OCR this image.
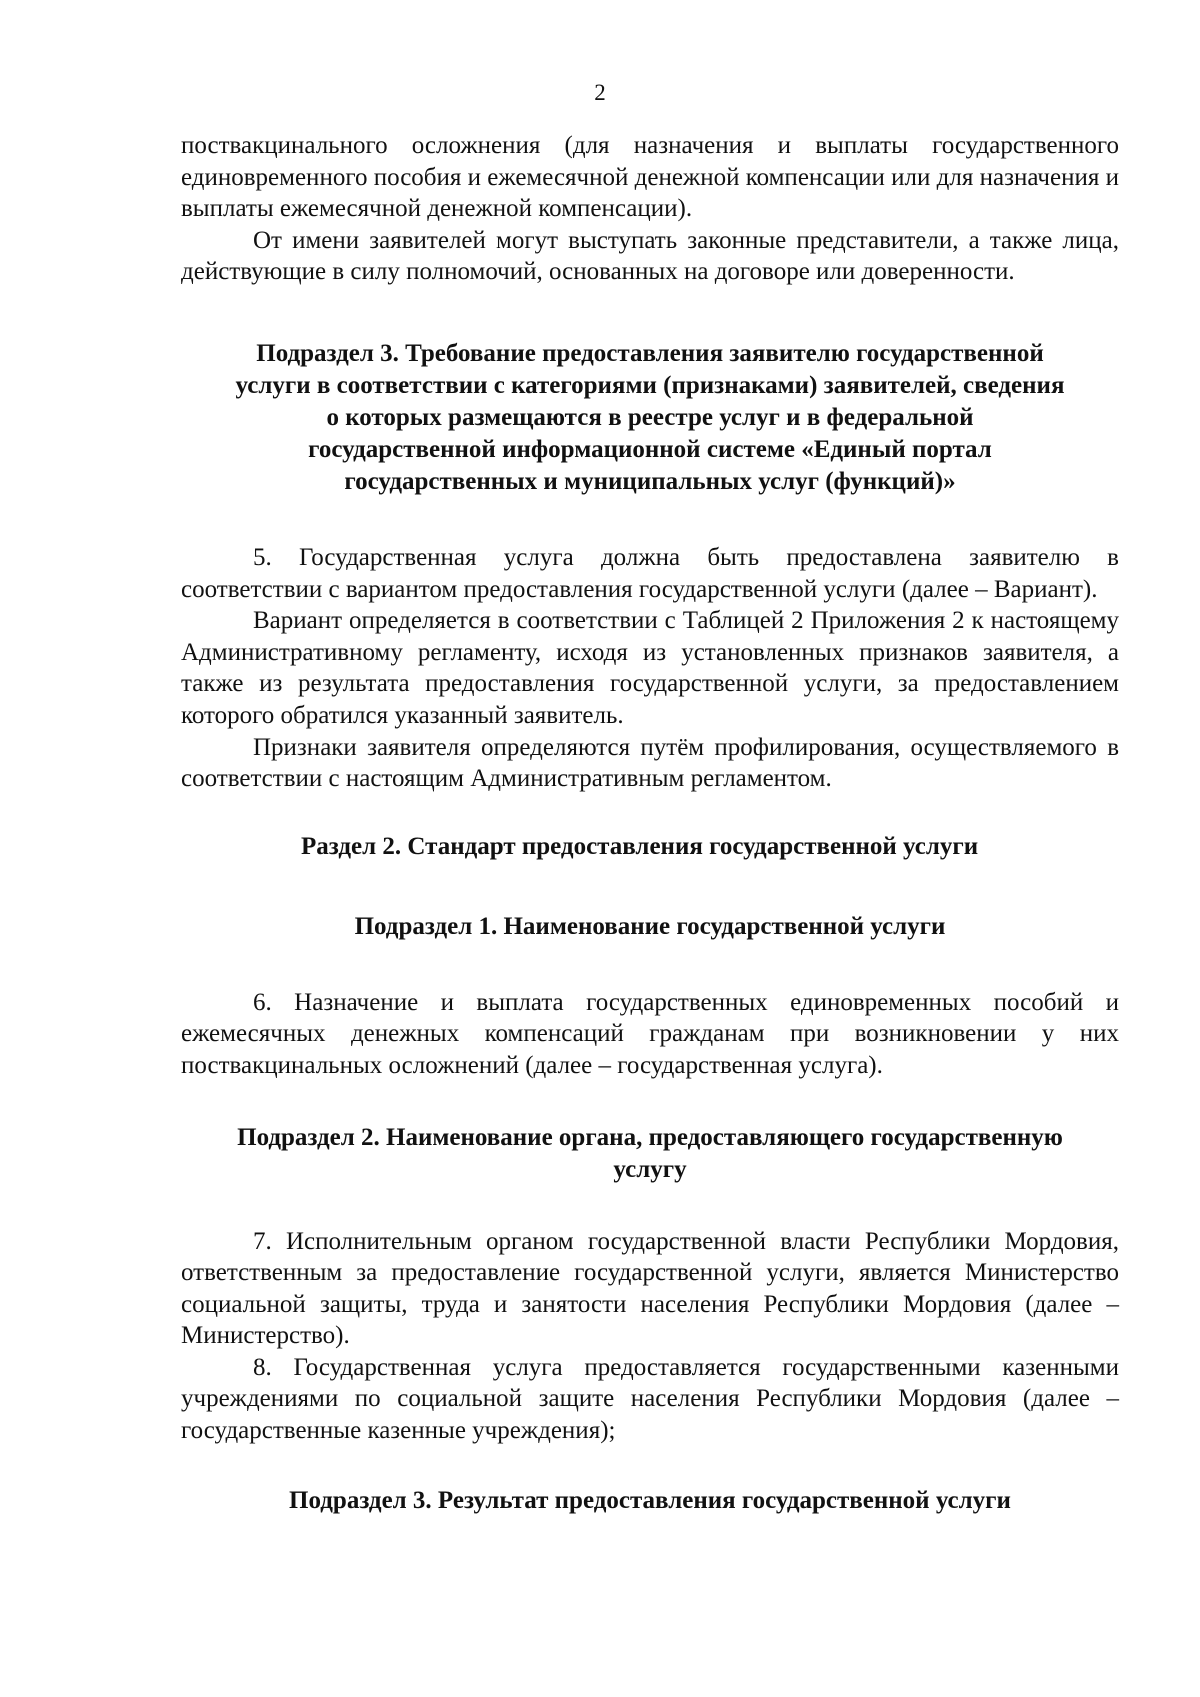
2

поствакцинального осложнения (для назначения и выплаты государственного единовременного пособия и ежемесячной денежной компенсации или для назначения и выплаты ежемесячной денежной компенсации).

От имени заявителей могут выступать законные представители, а также лица, действующие в силу полномочий, основанных на договоре или доверенности.

Подраздел 3. Требование предоставления заявителю государственной
услуги в соответствии с категориями (признаками) заявителей, сведения
о которых размещаются в реестре услуг и в федеральной
государственной информационной системе «Единый портал
государственных и муниципальных услуг (функций)»

5. Государственная услуга должна быть предоставлена заявителю в соответствии с вариантом предоставления государственной услуги (далее – Вариант).

Вариант определяется в соответствии с Таблицей 2 Приложения 2 к настоящему Административному регламенту, исходя из установленных признаков заявителя, а также из результата предоставления государственной услуги, за предоставлением которого обратился указанный заявитель.

Признаки заявителя определяются путём профилирования, осуществляемого в соответствии с настоящим Административным регламентом.

Раздел 2. Стандарт предоставления государственной услуги
Подраздел 1. Наименование государственной услуги

6. Назначение и выплата государственных единовременных пособий и ежемесячных денежных компенсаций гражданам при возникновении у них поствакцинальных осложнений (далее – государственная услуга).

Подраздел 2. Наименование органа, предоставляющего государственную
услугу

7. Исполнительным органом государственной власти Республики Мордовия, ответственным за предоставление государственной услуги, является Министерство социальной защиты, труда и занятости населения Республики Мордовия (далее – Министерство).

8. Государственная услуга предоставляется государственными казенными учреждениями по социальной защите населения Республики Мордовия (далее – государственные казенные учреждения);

Подраздел 3. Результат предоставления государственной услуги
